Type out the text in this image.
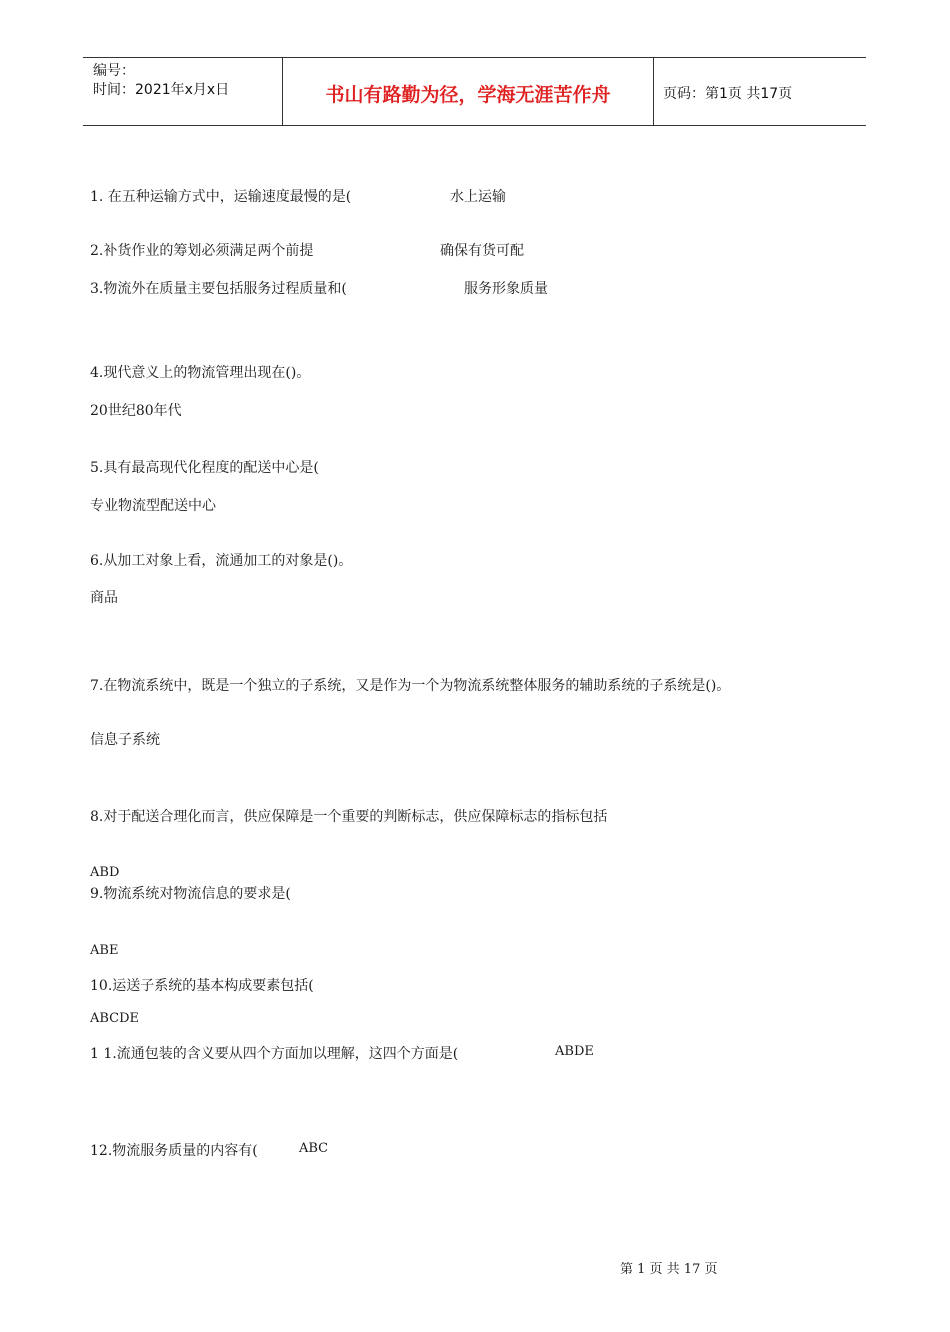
编号：
时间：2021年x月x日	书山有路勤为径，学海无涯苦作舟	页码：第1页 共17页
1. 在五种运输方式中，运输速度最慢的是(	水上运输
2.补货作业的筹划必须满足两个前提	确保有货可配
3.物流外在质量主要包括服务过程质量和(	服务形象质量
4.现代意义上的物流管理出现在()。
20世纪80年代
5.具有最高现代化程度的配送中心是(
专业物流型配送中心
6.从加工对象上看，流通加工的对象是()。
商品
7.在物流系统中，既是一个独立的子系统，又是作为一个为物流系统整体服务的辅助系统的子系统是()。
信息子系统
8.对于配送合理化而言，供应保障是一个重要的判断标志，供应保障标志的指标包括
ABD
9.物流系统对物流信息的要求是(
ABE
10.运送子系统的基本构成要素包括(
ABCDE
1 1.流通包装的含义要从四个方面加以理解，这四个方面是(	ABDE
12.物流服务质量的内容有(	ABC
第 1 页 共 17 页
